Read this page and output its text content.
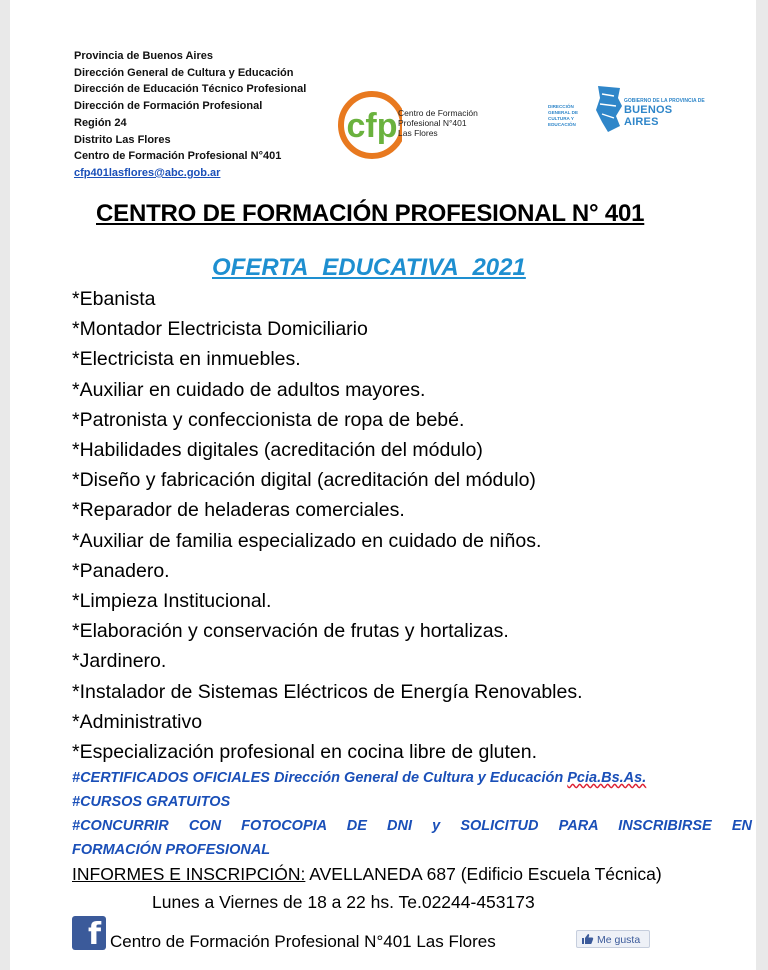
Provincia de Buenos Aires
Dirección General de Cultura y Educación
Dirección de Educación Técnico Profesional
Dirección de Formación Profesional
Región 24
Distrito Las Flores
Centro de Formación Profesional N°401
cfp401lasflores@abc.gob.ar
cfp Centro de Formación
Profesional N°401
Las Flores
DIRECCIÓN GENERAL DE CULTURA Y EDUCACIÓN
GOBIERNO DE LA PROVINCIA DE
BUENOS AIRES
CENTRO DE FORMACIÓN PROFESIONAL N° 401
OFERTA EDUCATIVA 2021
*Ebanista
*Montador Electricista Domiciliario
*Electricista en inmuebles.
*Auxiliar en cuidado de adultos mayores.
*Patronista y confeccionista de ropa de bebé.
*Habilidades digitales (acreditación del módulo)
*Diseño y fabricación digital (acreditación del módulo)
*Reparador de heladeras comerciales.
*Auxiliar de familia especializado en cuidado de niños.
*Panadero.
*Limpieza Institucional.
*Elaboración y conservación de frutas y hortalizas.
*Jardinero.
*Instalador de Sistemas Eléctricos de Energía Renovables.
*Administrativo
*Especialización profesional en cocina libre de gluten.
#CERTIFICADOS OFICIALES Dirección General de Cultura y Educación Pcia.Bs.As.
#CURSOS GRATUITOS
#CONCURRIR CON FOTOCOPIA DE DNI y SOLICITUD PARA INSCRIBIRSE EN
FORMACIÓN PROFESIONAL
INFORMES E INSCRIPCIÓN: AVELLANEDA 687 (Edificio Escuela Técnica)
Lunes a Viernes de 18 a 22 hs. Te.02244-453173
f Centro de Formación Profesional N°401 Las Flores	Me gusta
